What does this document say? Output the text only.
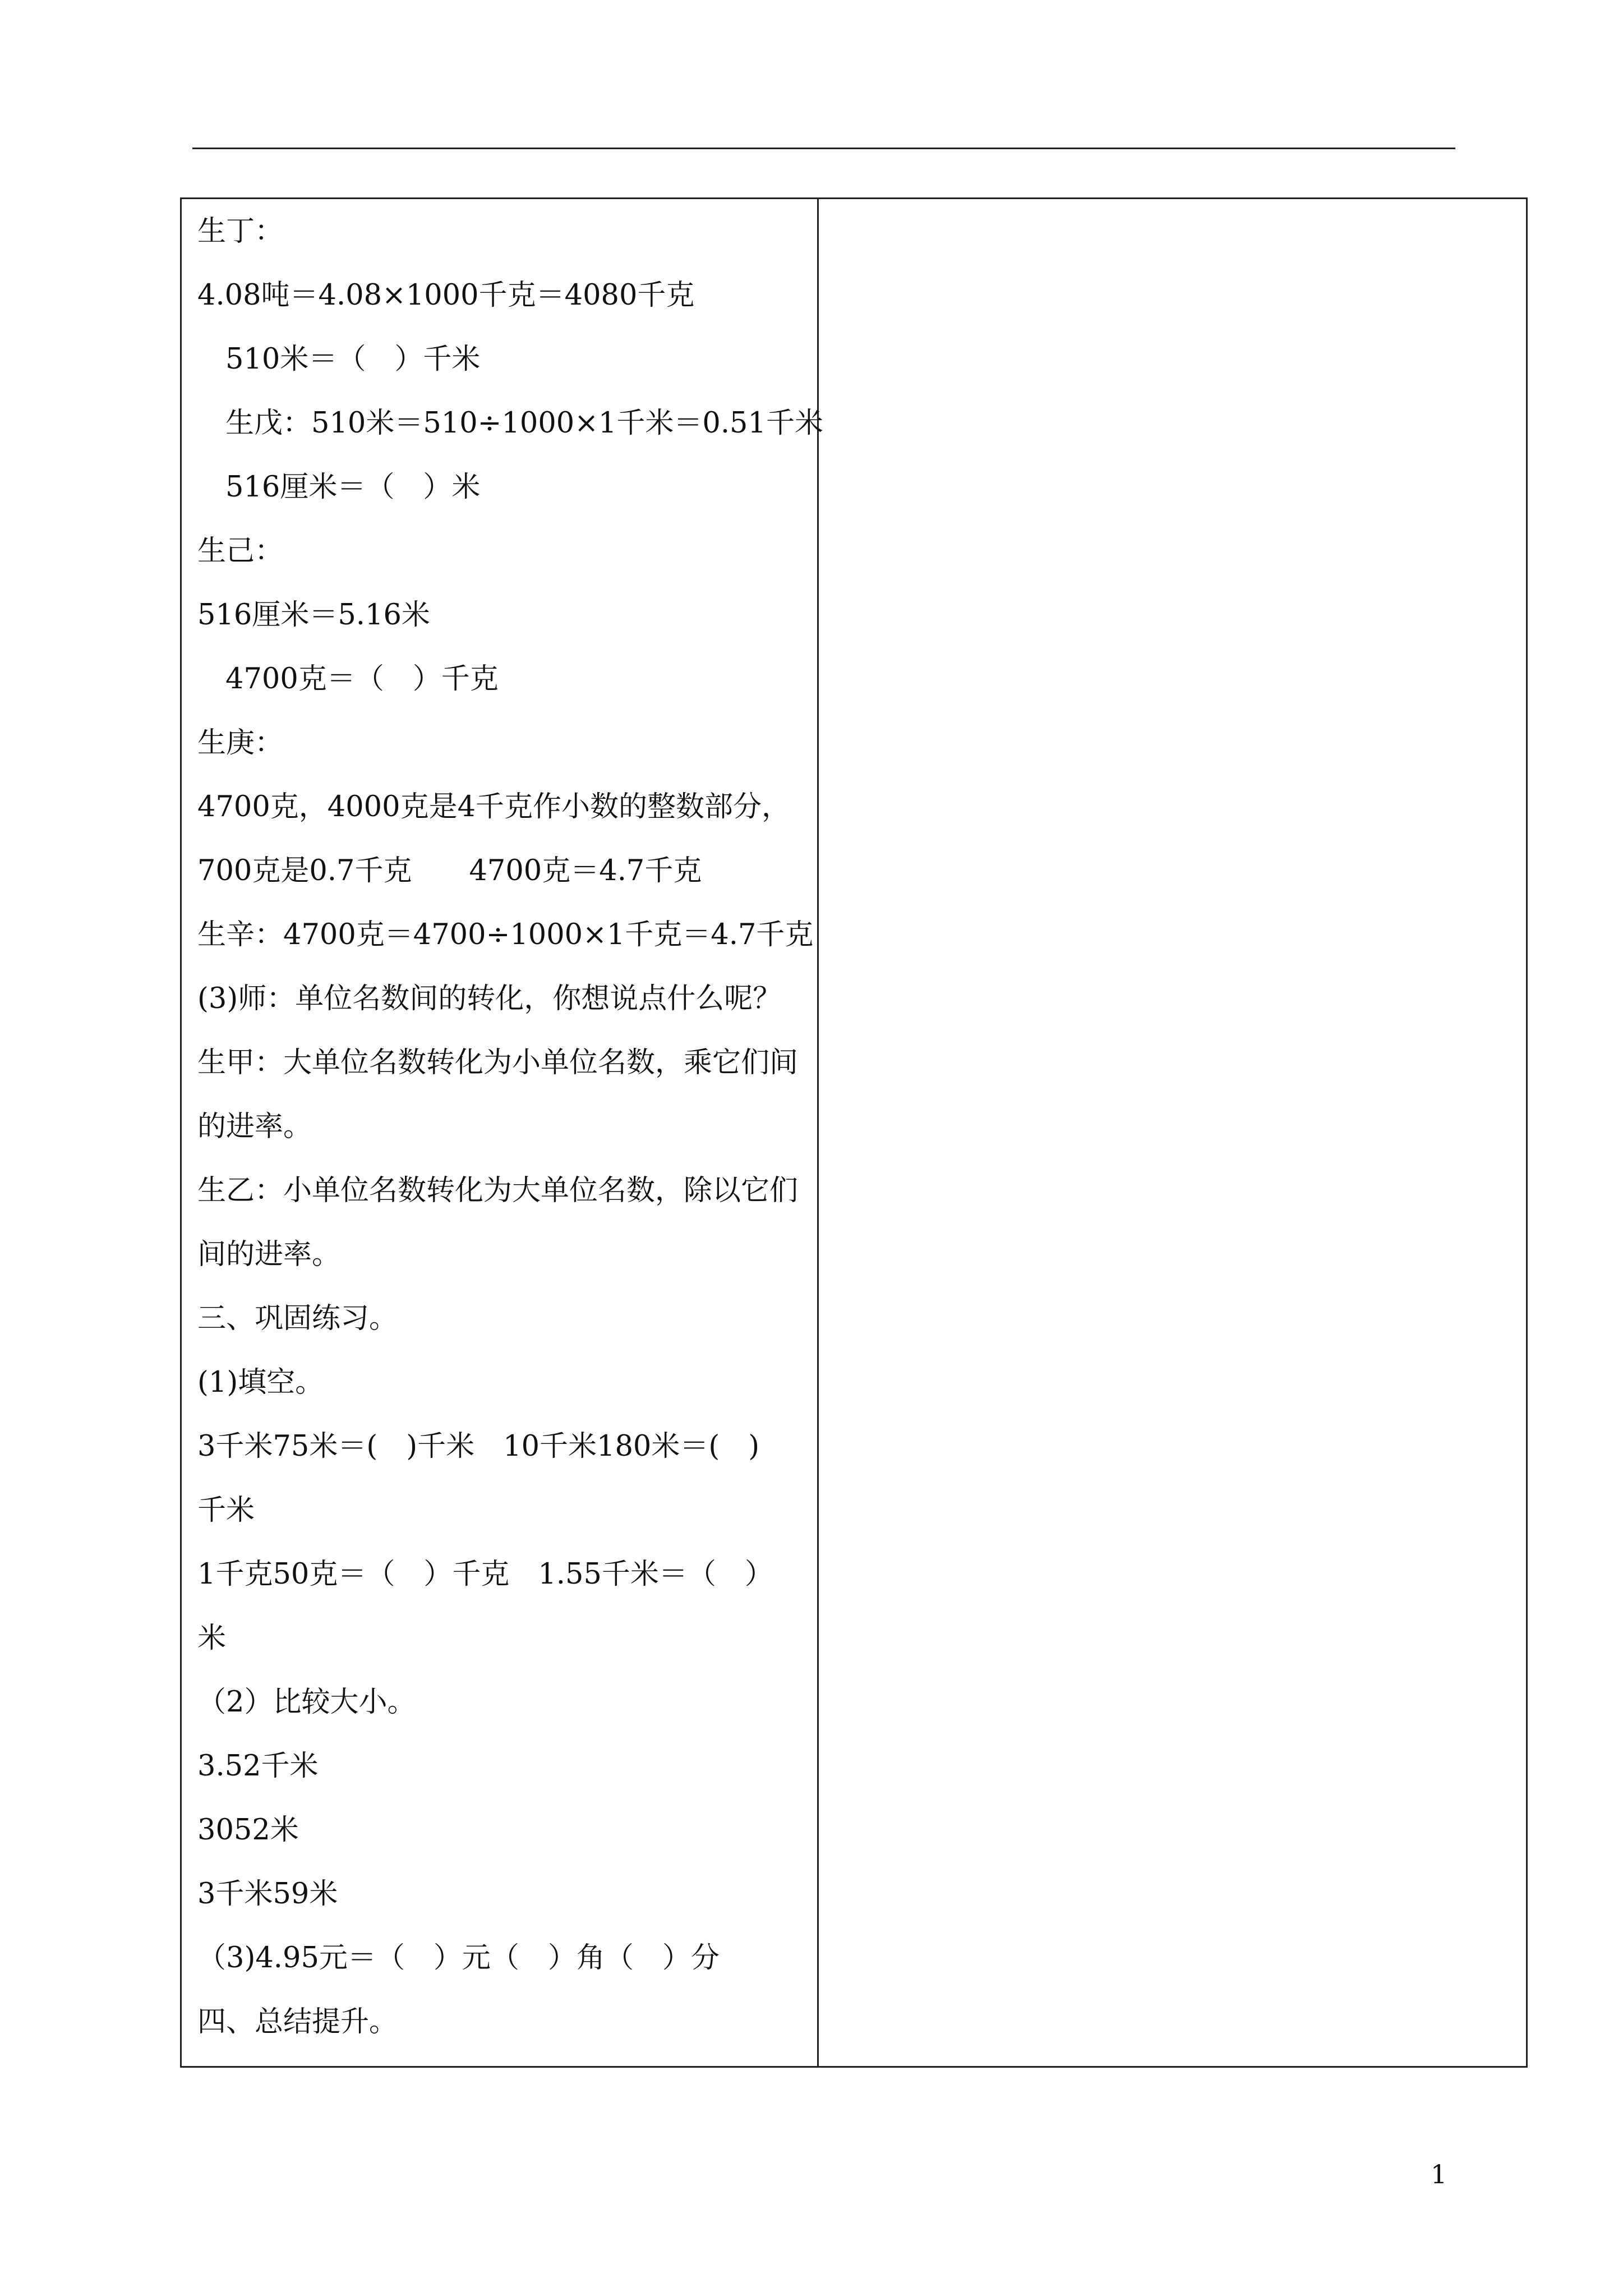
生丁：
4.08吨＝4.08×1000千克＝4080千克
510米＝（　）千米
生戊：510米＝510÷1000×1千米＝0.51千米
516厘米＝（　）米
生己：
516厘米＝5.16米
4700克＝（　）千克
生庚：
4700克，4000克是4千克作小数的整数部分，
700克是0.7千克　　4700克＝4.7千克
生辛：4700克＝4700÷1000×1千克＝4.7千克
(3)师：单位名数间的转化，你想说点什么呢？
生甲：大单位名数转化为小单位名数，乘它们间
的进率。
生乙：小单位名数转化为大单位名数，除以它们
间的进率。
三、巩固练习。
(1)填空。
3千米75米＝(　)千米　10千米180米＝(　)
千米
1千克50克＝（　）千克　1.55千米＝（　）
米
（2）比较大小。
3.52千米
3052米
3千米59米
（3)4.95元＝（　）元（　）角（　）分
四、总结提升。
1
